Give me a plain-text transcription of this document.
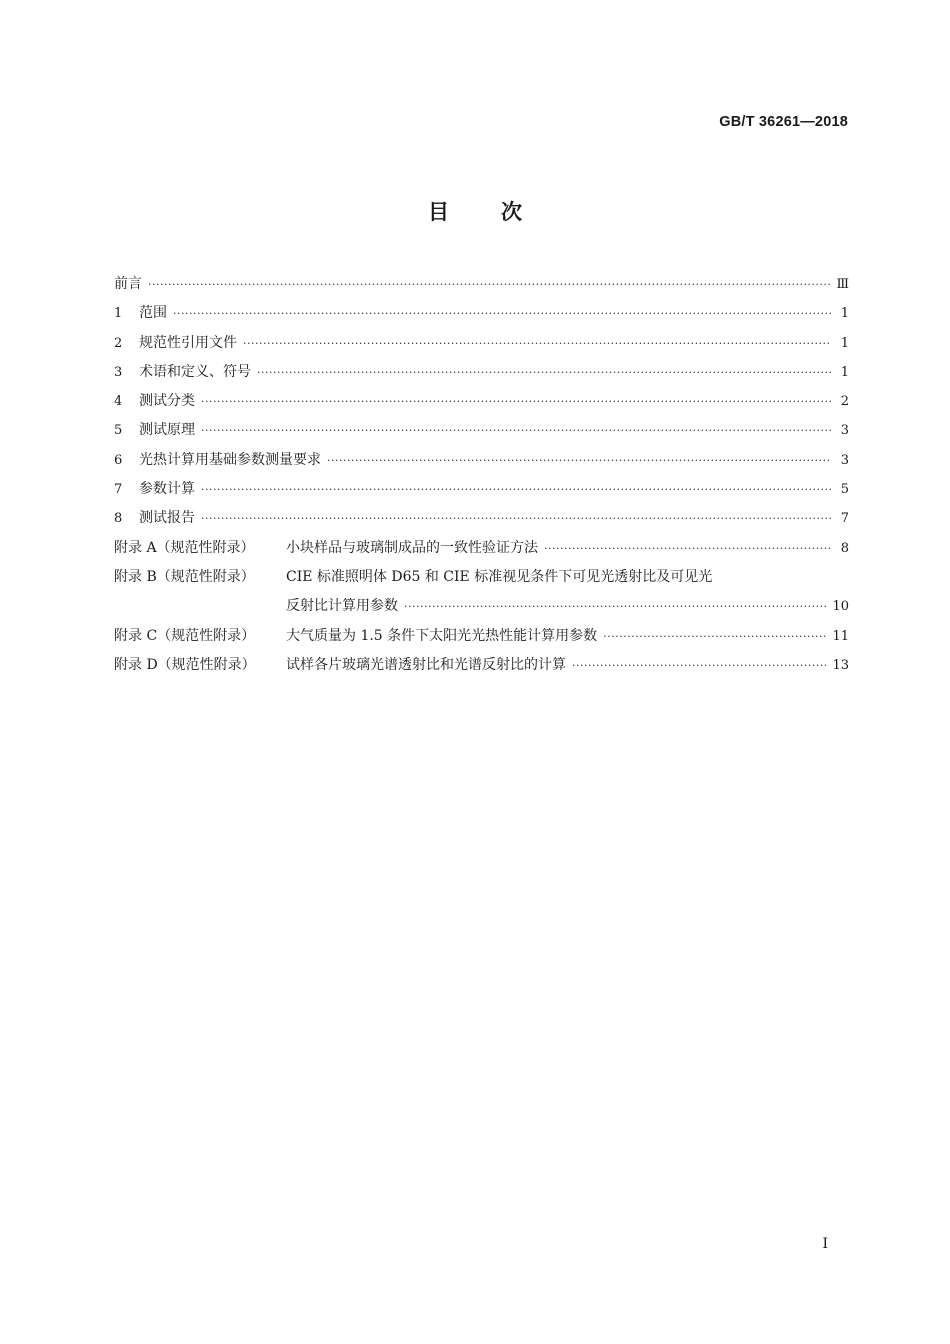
GB/T 36261—2018
目次
前言 ·····	Ⅲ
1	范围 ·····	1
2	规范性引用文件 ·····	1
3	术语和定义、符号 ·····	1
4	测试分类 ·····	2
5	测试原理 ·····	3
6	光热计算用基础参数测量要求 ·····	3
7	参数计算 ·····	5
8	测试报告 ·····	7
附录 A（规范性附录）	小块样品与玻璃制成品的一致性验证方法 ·····	8
附录 B（规范性附录）	CIE 标准照明体 D65 和 CIE 标准视见条件下可见光透射比及可见光
反射比计算用参数 ·····	10
附录 C（规范性附录）	大气质量为 1.5 条件下太阳光光热性能计算用参数 ·····	11
附录 D（规范性附录）	试样各片玻璃光谱透射比和光谱反射比的计算 ·····	13
I
